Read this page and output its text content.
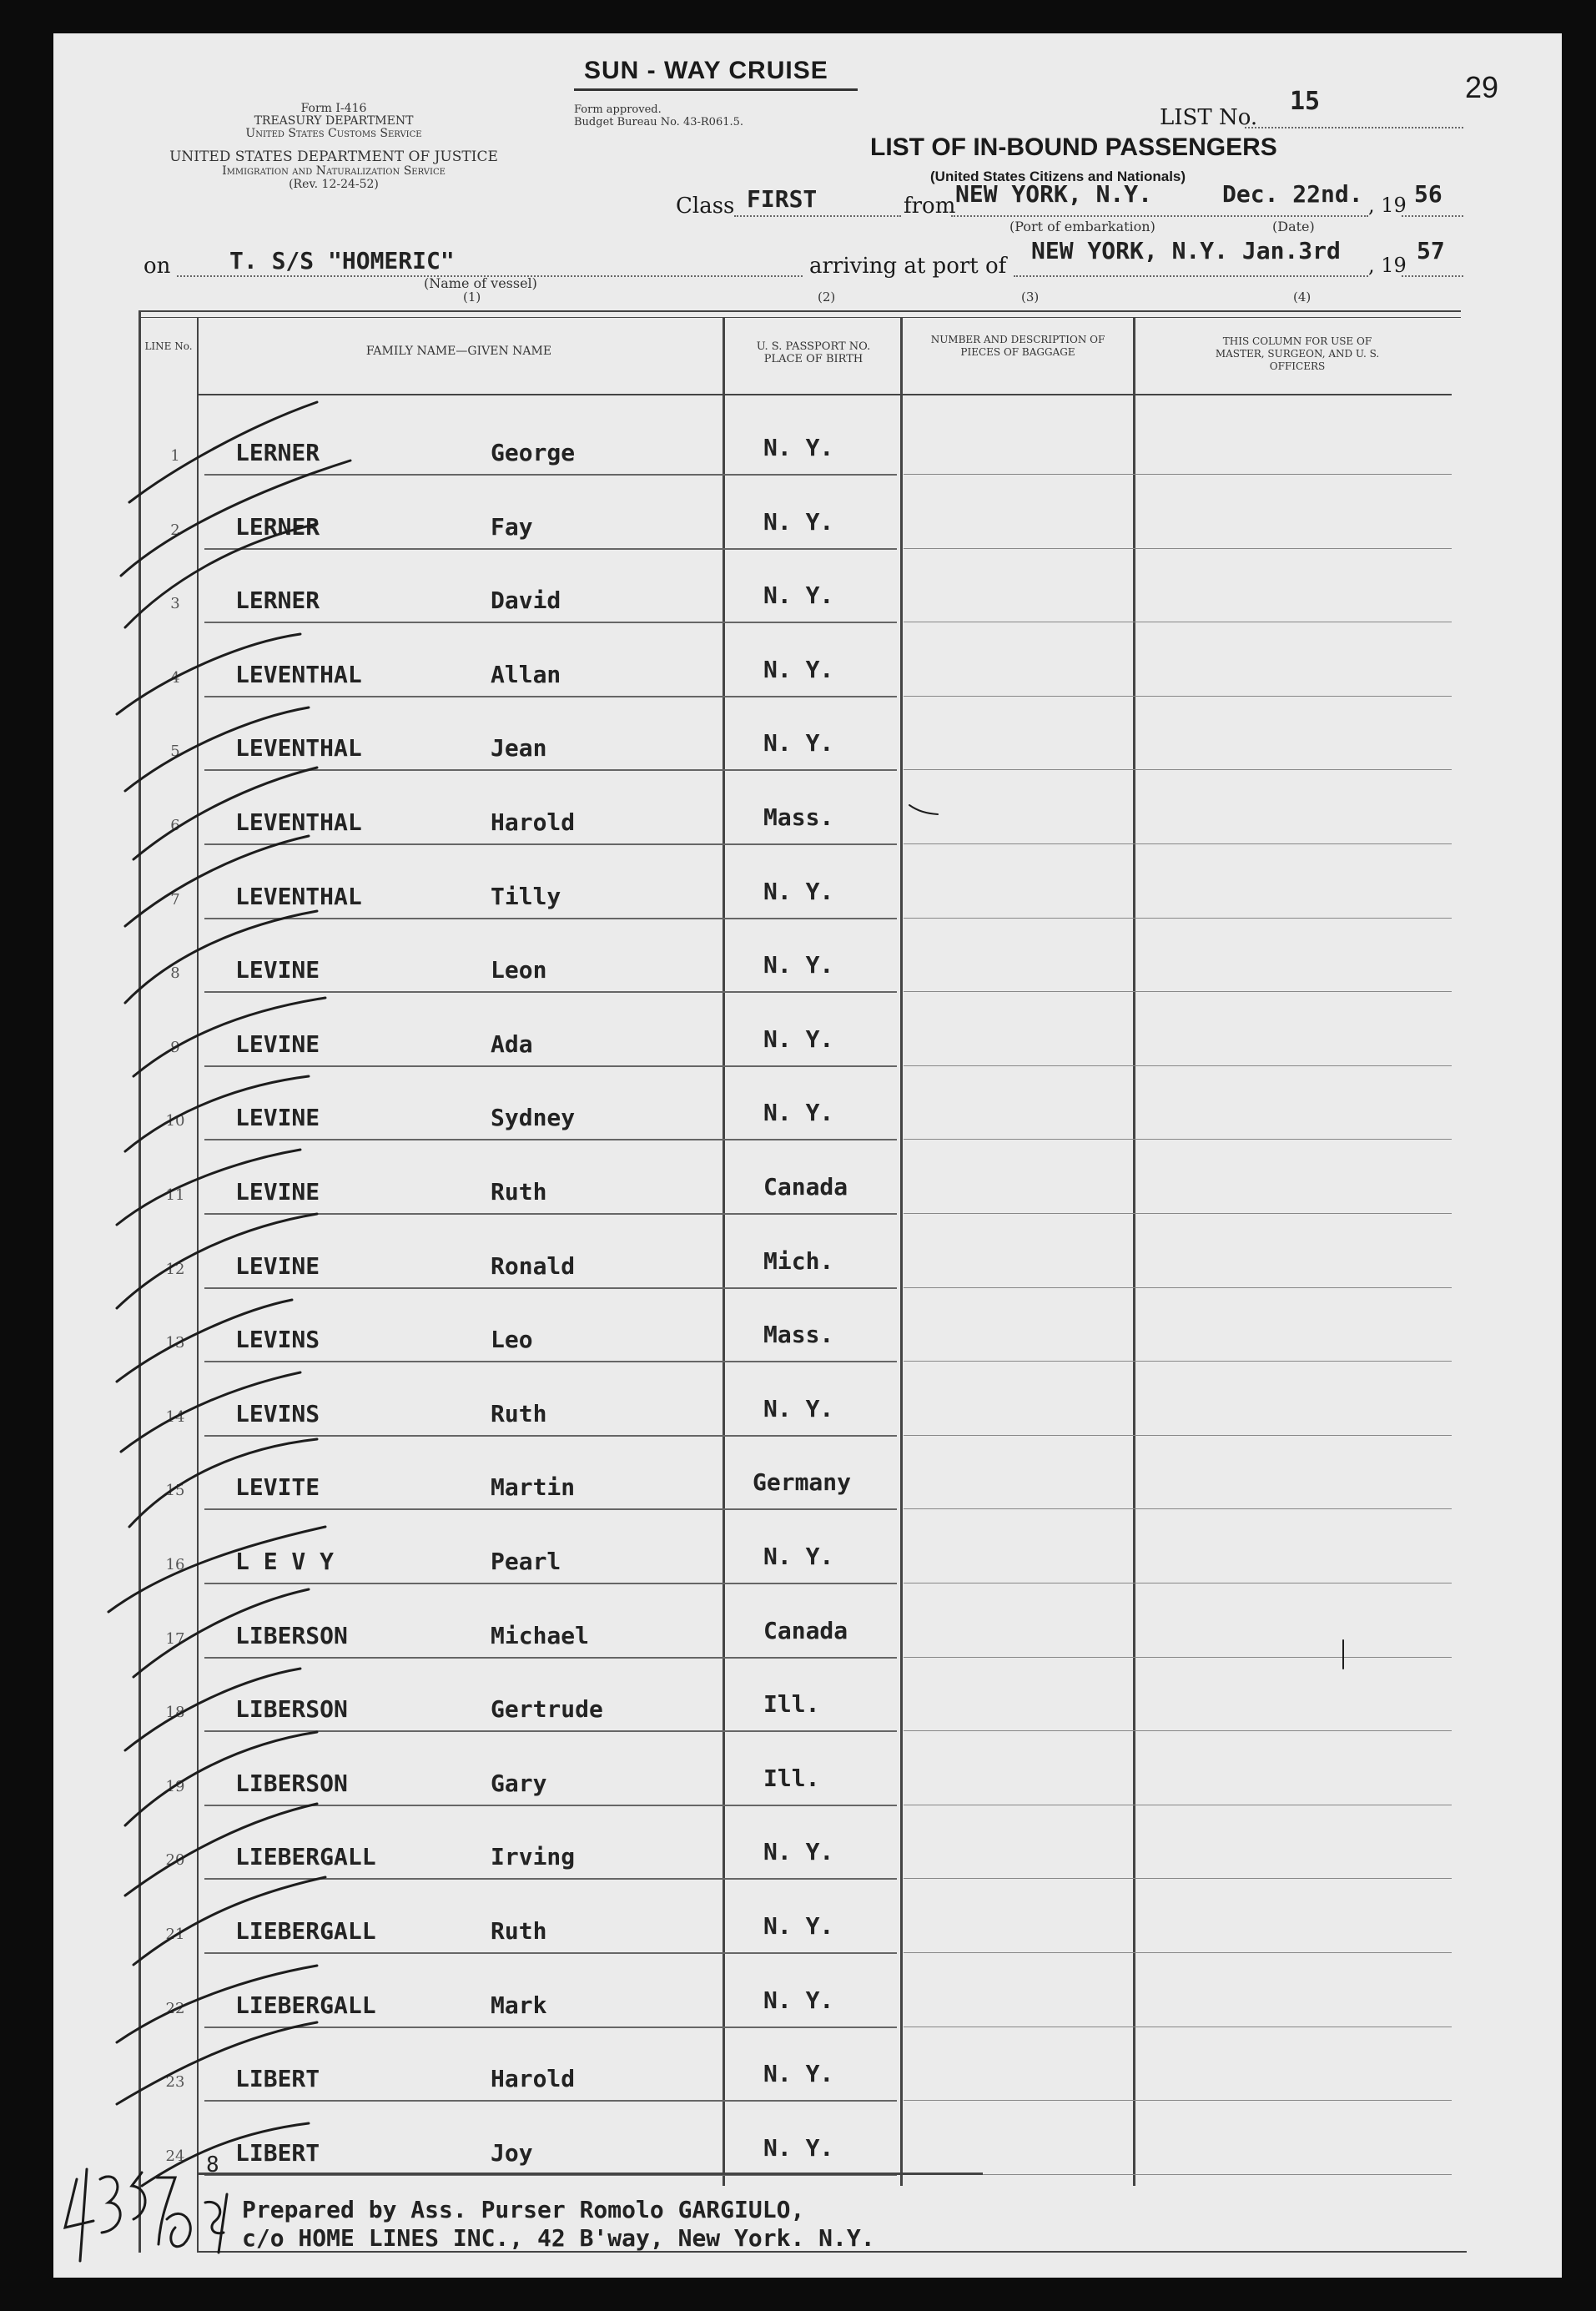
SUN - WAY CRUISE	29
Form I-416
TREASURY DEPARTMENT
United States Customs Service
UNITED STATES DEPARTMENT OF JUSTICE
Immigration and Naturalization Service
(Rev. 12-24-52)
Form approved.
Budget Bureau No. 43-R061.5.	LIST No.
15
LIST OF IN-BOUND PASSENGERS
(United States Citizens and Nationals)
Class FIRST	from NEW YORK, N.Y.
(Port of embarkation)
Dec. 22nd. , 19 56
(Date)
on	T. S/S "HOMERIC"
(Name of vessel)
(1)
arriving at port of
NEW YORK, N.Y. Jan.3rd
, 19
57
(2)	(3)	(4)
LINE No.	FAMILY NAME—GIVEN NAME	U. S. PASSPORT NO. PLACE OF BIRTH
NUMBER AND DESCRIPTION OF PIECES OF BAGGAGE
THIS COLUMN FOR USE OF MASTER, SURGEON, AND U. S. OFFICERS
1	LERNER	George	N. Y.
2	LERNER	Fay	N. Y.
3	LERNER	David	N. Y.
4	LEVENTHAL	Allan	N. Y.
5	LEVENTHAL	Jean	N. Y.
6	LEVENTHAL	Harold	Mass.
7	LEVENTHAL	Tilly	N. Y.
8	LEVINE	Leon	N. Y.
9	LEVINE	Ada	N. Y.
10	LEVINE	Sydney	N. Y.
11	LEVINE	Ruth	Canada
12	LEVINE	Ronald	Mich.
13	LEVINS	Leo	Mass.
14	LEVINS	Ruth	N. Y.
15	LEVITE	Martin	Germany
16	L E V Y	Pearl	N. Y.
17	LIBERSON	Michael	Canada
18	LIBERSON	Gertrude	Ill.
19	LIBERSON	Gary	Ill.
20	LIEBERGALL	Irving	N. Y.
21	LIEBERGALL	Ruth	N. Y.
22	LIEBERGALL	Mark	N. Y.
23	LIBERT	Harold	N. Y.
24	LIBERT	Joy	N. Y.
8
Prepared by Ass. Purser Romolo GARGIULO,
c/o HOME LINES INC., 42 B'way, New York. N.Y.
